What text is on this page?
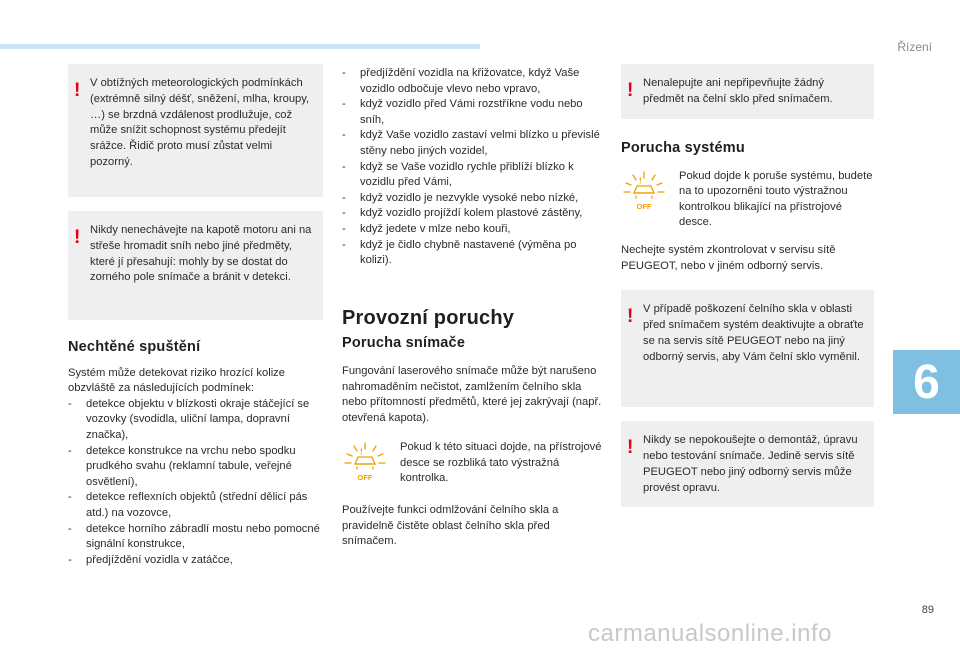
Řízení
6
89
carmanualsonline.info
! V obtížných meteorologických podmínkách (extrémně silný déšť, sněžení, mlha, kroupy, …) se brzdná vzdálenost prodlužuje, což může snížit schopnost systému předejít srážce. Řidič proto musí zůstat velmi pozorný.

! Nikdy nenechávejte na kapotě motoru ani na střeše hromadit sníh nebo jiné předměty, které jí přesahují: mohly by se dostat do zorného pole snímače a bránit v detekci.

Nechtěné spuštění

Systém může detekovat riziko hrozící kolize obzvláště za následujících podmínek:

- detekce objektu v blízkosti okraje stáčející se vozovky (svodidla, uliční lampa, dopravní značka),
- detekce konstrukce na vrchu nebo spodku prudkého svahu (reklamní tabule, veřejné osvětlení),
- detekce reflexních objektů (střední dělicí pás atd.) na vozovce,
- detekce horního zábradlí mostu nebo pomocné signální konstrukce,
- předjíždění vozidla v zatáčce,
- předjíždění vozidla na křižovatce, když Vaše vozidlo odbočuje vlevo nebo vpravo,
- když vozidlo před Vámi rozstříkne vodu nebo sníh,
- když Vaše vozidlo zastaví velmi blízko u převislé stěny nebo jiných vozidel,
- když se Vaše vozidlo rychle přiblíží blízko k vozidlu před Vámi,
- když vozidlo je nezvykle vysoké nebo nízké,
- když vozidlo projíždí kolem plastové zástěny,
- když jedete v mlze nebo kouři,
- když je čidlo chybně nastavené (výměna po kolizi).
Provozní poruchy
Porucha snímače

Fungování laserového snímače může být narušeno nahromaděním nečistot, zamlžením čelního skla nebo přítomností předmětů, které jej zakrývají (např. otevřená kapota).

!
OFF

Pokud k této situaci dojde, na přístrojové desce se rozbliká tato výstražná kontrolka.

Používejte funkci odmlžování čelního skla a pravidelně čistěte oblast čelního skla před snímačem.

! Nenalepujte ani nepřipevňujte žádný předmět na čelní sklo před snímačem.

Porucha systému
!
OFF

Pokud dojde k poruše systému, budete na to upozorněni touto výstražnou kontrolkou blikající na přístrojové desce.

Nechejte systém zkontrolovat v servisu sítě PEUGEOT, nebo v jiném odborný servis.

! V případě poškození čelního skla v oblasti před snímačem systém deaktivujte a obraťte se na servis sítě PEUGEOT nebo na jiný odborný servis, aby Vám čelní sklo vyměnil.

! Nikdy se nepokoušejte o demontáž, úpravu nebo testování snímače. Jedině servis sítě PEUGEOT nebo jiný odborný servis může provést opravu.
